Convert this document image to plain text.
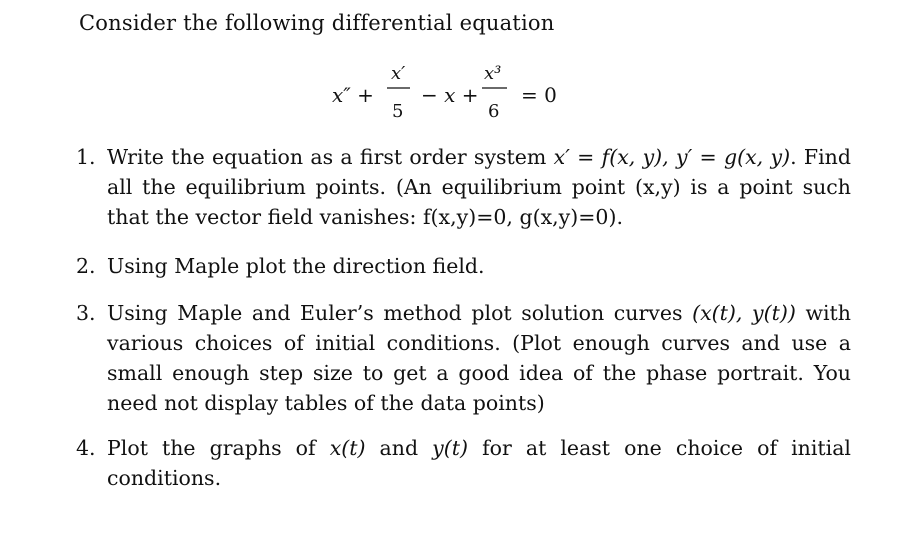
Consider the following differential equation
x″ +
x′
5
− x +
x³
6
= 0
1. Write the equation as a first order system x′ = f(x, y), y′ = g(x, y). Find all the equilibrium points. (An equilibrium point (x,y) is a point such that the vector field vanishes: f(x,y)=0, g(x,y)=0).
2. Using Maple plot the direction field.
3. Using Maple and Euler’s method plot solution curves (x(t), y(t)) with various choices of initial conditions. (Plot enough curves and use a small enough step size to get a good idea of the phase portrait. You need not display tables of the data points)
4. Plot the graphs of x(t) and y(t) for at least one choice of initial conditions.
